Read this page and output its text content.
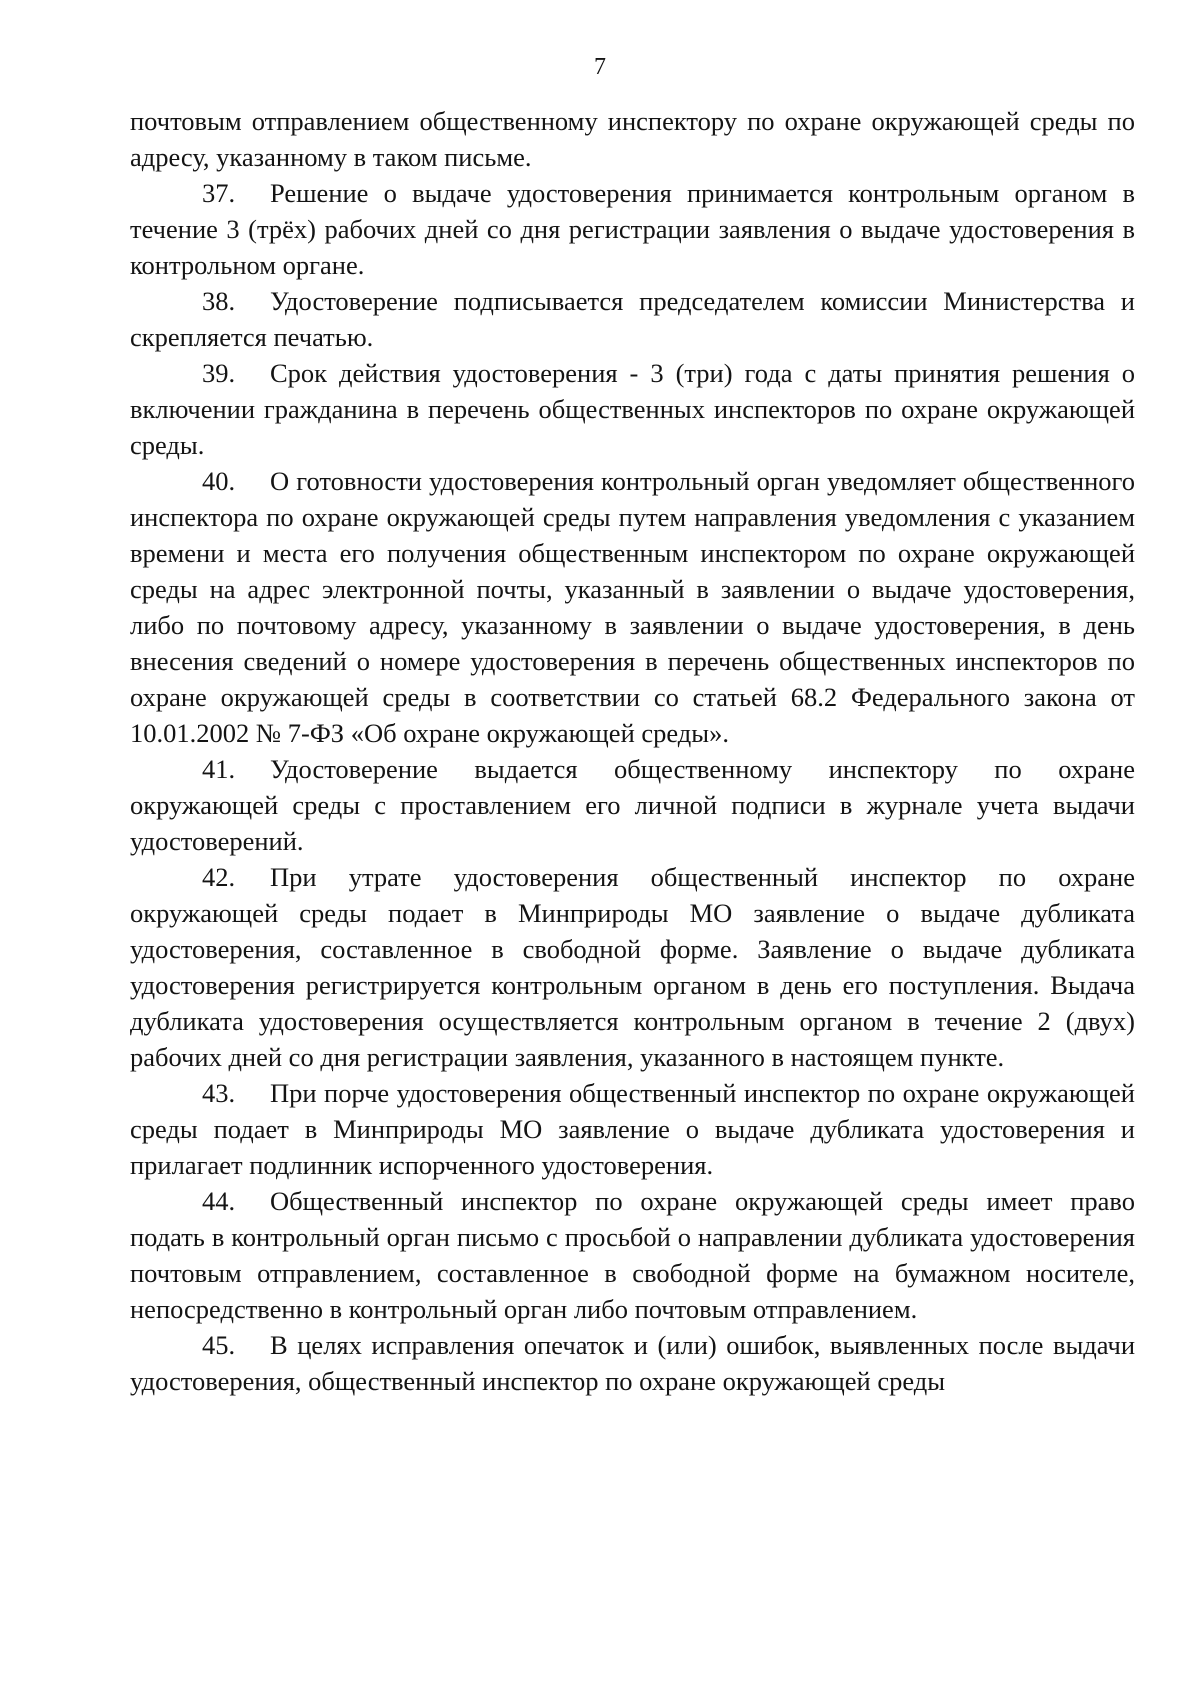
7

почтовым отправлением общественному инспектору по охране окружающей среды по адресу, указанному в таком письме.

37. Решение о выдаче удостоверения принимается контрольным органом в течение 3 (трёх) рабочих дней со дня регистрации заявления о выдаче удостоверения в контрольном органе.

38. Удостоверение подписывается председателем комиссии Министерства и скрепляется печатью.

39. Срок действия удостоверения - 3 (три) года с даты принятия решения о включении гражданина в перечень общественных инспекторов по охране окружающей среды.

40. О готовности удостоверения контрольный орган уведомляет общественного инспектора по охране окружающей среды путем направления уведомления с указанием времени и места его получения общественным инспектором по охране окружающей среды на адрес электронной почты, указанный в заявлении о выдаче удостоверения, либо по почтовому адресу, указанному в заявлении о выдаче удостоверения, в день внесения сведений о номере удостоверения в перечень общественных инспекторов по охране окружающей среды в соответствии со статьей 68.2 Федерального закона от 10.01.2002 № 7-ФЗ «Об охране окружающей среды».

41. Удостоверение выдается общественному инспектору по охране окружающей среды с проставлением его личной подписи в журнале учета выдачи удостоверений.

42. При утрате удостоверения общественный инспектор по охране окружающей среды подает в Минприроды МО заявление о выдаче дубликата удостоверения, составленное в свободной форме. Заявление о выдаче дубликата удостоверения регистрируется контрольным органом в день его поступления. Выдача дубликата удостоверения осуществляется контрольным органом в течение 2 (двух) рабочих дней со дня регистрации заявления, указанного в настоящем пункте.

43. При порче удостоверения общественный инспектор по охране окружающей среды подает в Минприроды МО заявление о выдаче дубликата удостоверения и прилагает подлинник испорченного удостоверения.

44. Общественный инспектор по охране окружающей среды имеет право подать в контрольный орган письмо с просьбой о направлении дубликата удостоверения почтовым отправлением, составленное в свободной форме на бумажном носителе, непосредственно в контрольный орган либо почтовым отправлением.

45. В целях исправления опечаток и (или) ошибок, выявленных после выдачи удостоверения, общественный инспектор по охране окружающей среды
